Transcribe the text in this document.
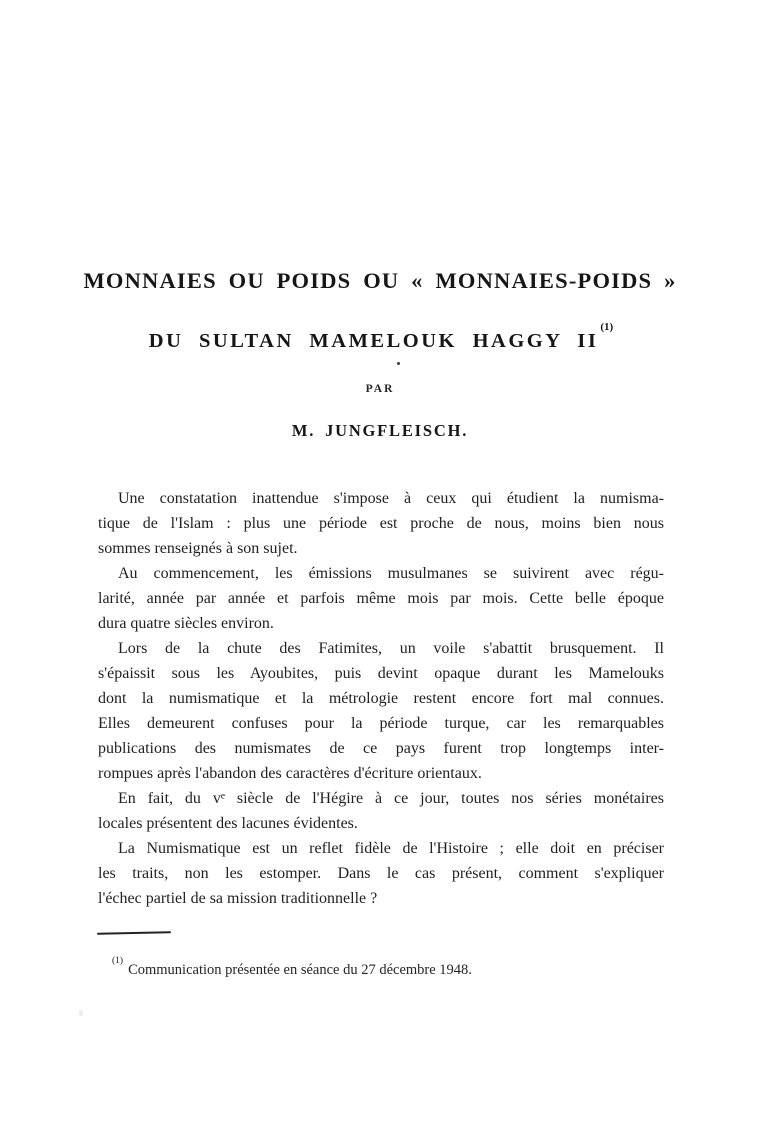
MONNAIES OU POIDS OU « MONNAIES-POIDS »
DU SULTAN MAMELOUK HAGGY II$^{(1)}$
PAR
M. JUNGFLEISCH.
Une constatation inattendue s'impose à ceux qui étudient la numisma-
tique de l'Islam : plus une période est proche de nous, moins bien nous
sommes renseignés à son sujet.
Au commencement, les émissions musulmanes se suivirent avec régu-
larité, année par année et parfois même mois par mois. Cette belle époque
dura quatre siècles environ.
Lors de la chute des Fatimites, un voile s'abattit brusquement. Il
s'épaissit sous les Ayoubites, puis devint opaque durant les Mamelouks
dont la numismatique et la métrologie restent encore fort mal connues.
Elles demeurent confuses pour la période turque, car les remarquables
publications des numismates de ce pays furent trop longtemps inter-
rompues après l'abandon des caractères d'écriture orientaux.
En fait, du vᵉ siècle de l'Hégire à ce jour, toutes nos séries monétaires
locales présentent des lacunes évidentes.
La Numismatique est un reflet fidèle de l'Histoire ; elle doit en préciser
les traits, non les estomper. Dans le cas présent, comment s'expliquer
l'échec partiel de sa mission traditionnelle ?
$^{(1)}$Communication présentée en séance du 27 décembre 1948.
